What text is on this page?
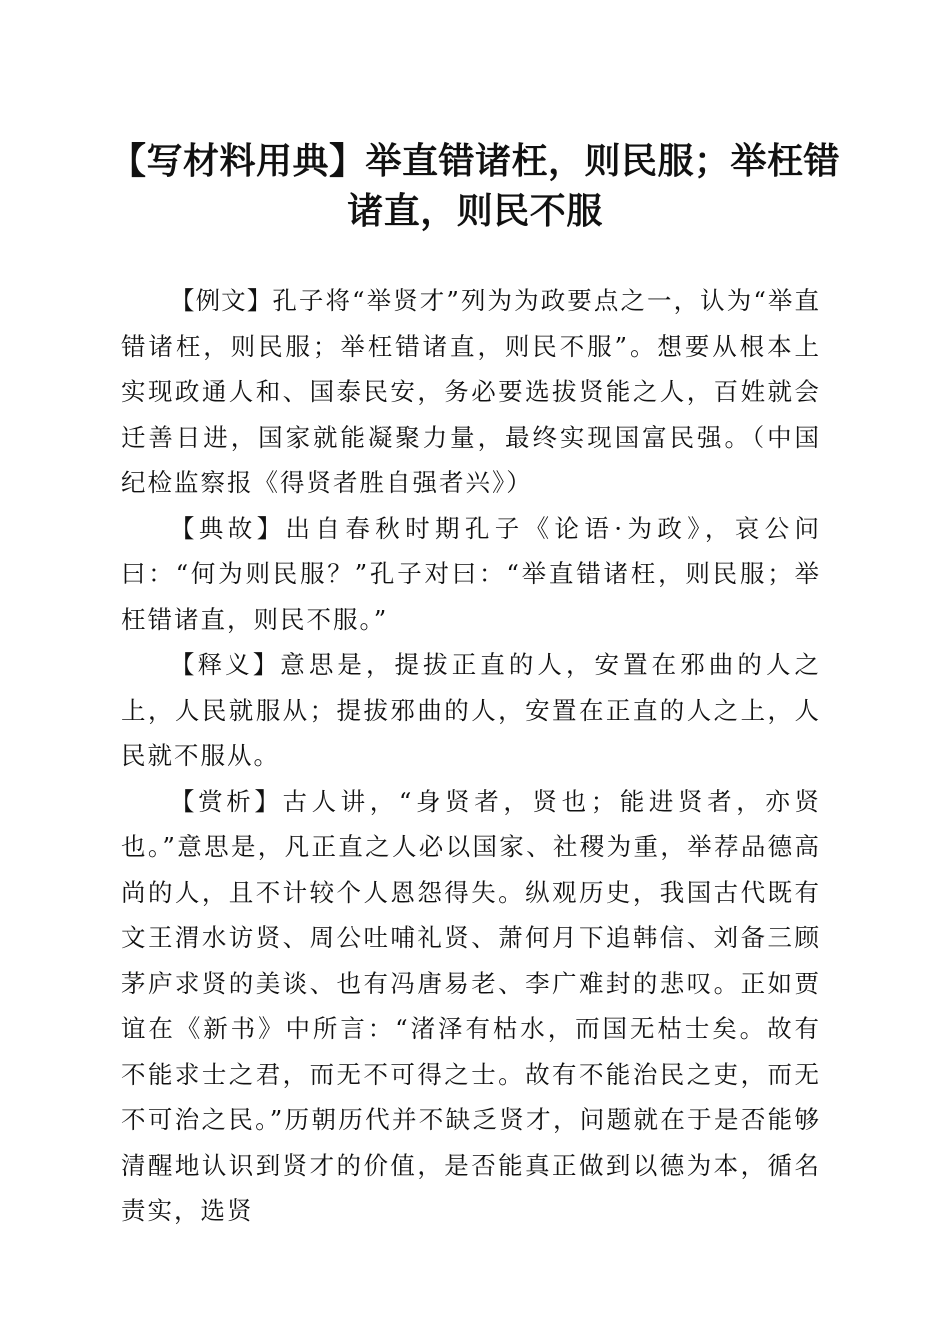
【写材料用典】举直错诸枉，则民服；举枉错诸直，则民不服

【例文】孔子将“举贤才”列为为政要点之一，认为“举直错诸枉，则民服；举枉错诸直，则民不服”。想要从根本上实现政通人和、国泰民安，务必要选拔贤能之人，百姓就会迁善日进，国家就能凝聚力量，最终实现国富民强。（中国纪检监察报《得贤者胜自强者兴》）

【典故】出自春秋时期孔子《论语·为政》，哀公问曰：“何为则民服？”孔子对曰：“举直错诸枉，则民服；举枉错诸直，则民不服。”

【释义】意思是，提拔正直的人，安置在邪曲的人之上，人民就服从；提拔邪曲的人，安置在正直的人之上，人民就不服从。

【赏析】古人讲，“身贤者，贤也；能进贤者，亦贤也。”意思是，凡正直之人必以国家、社稷为重，举荐品德高尚的人，且不计较个人恩怨得失。纵观历史，我国古代既有文王渭水访贤、周公吐哺礼贤、萧何月下追韩信、刘备三顾茅庐求贤的美谈、也有冯唐易老、李广难封的悲叹。正如贾谊在《新书》中所言：“渚泽有枯水，而国无枯士矣。故有不能求士之君，而无不可得之士。故有不能治民之吏，而无不可治之民。”历朝历代并不缺乏贤才，问题就在于是否能够清醒地认识到贤才的价值，是否能真正做到以德为本，循名责实，选贤
